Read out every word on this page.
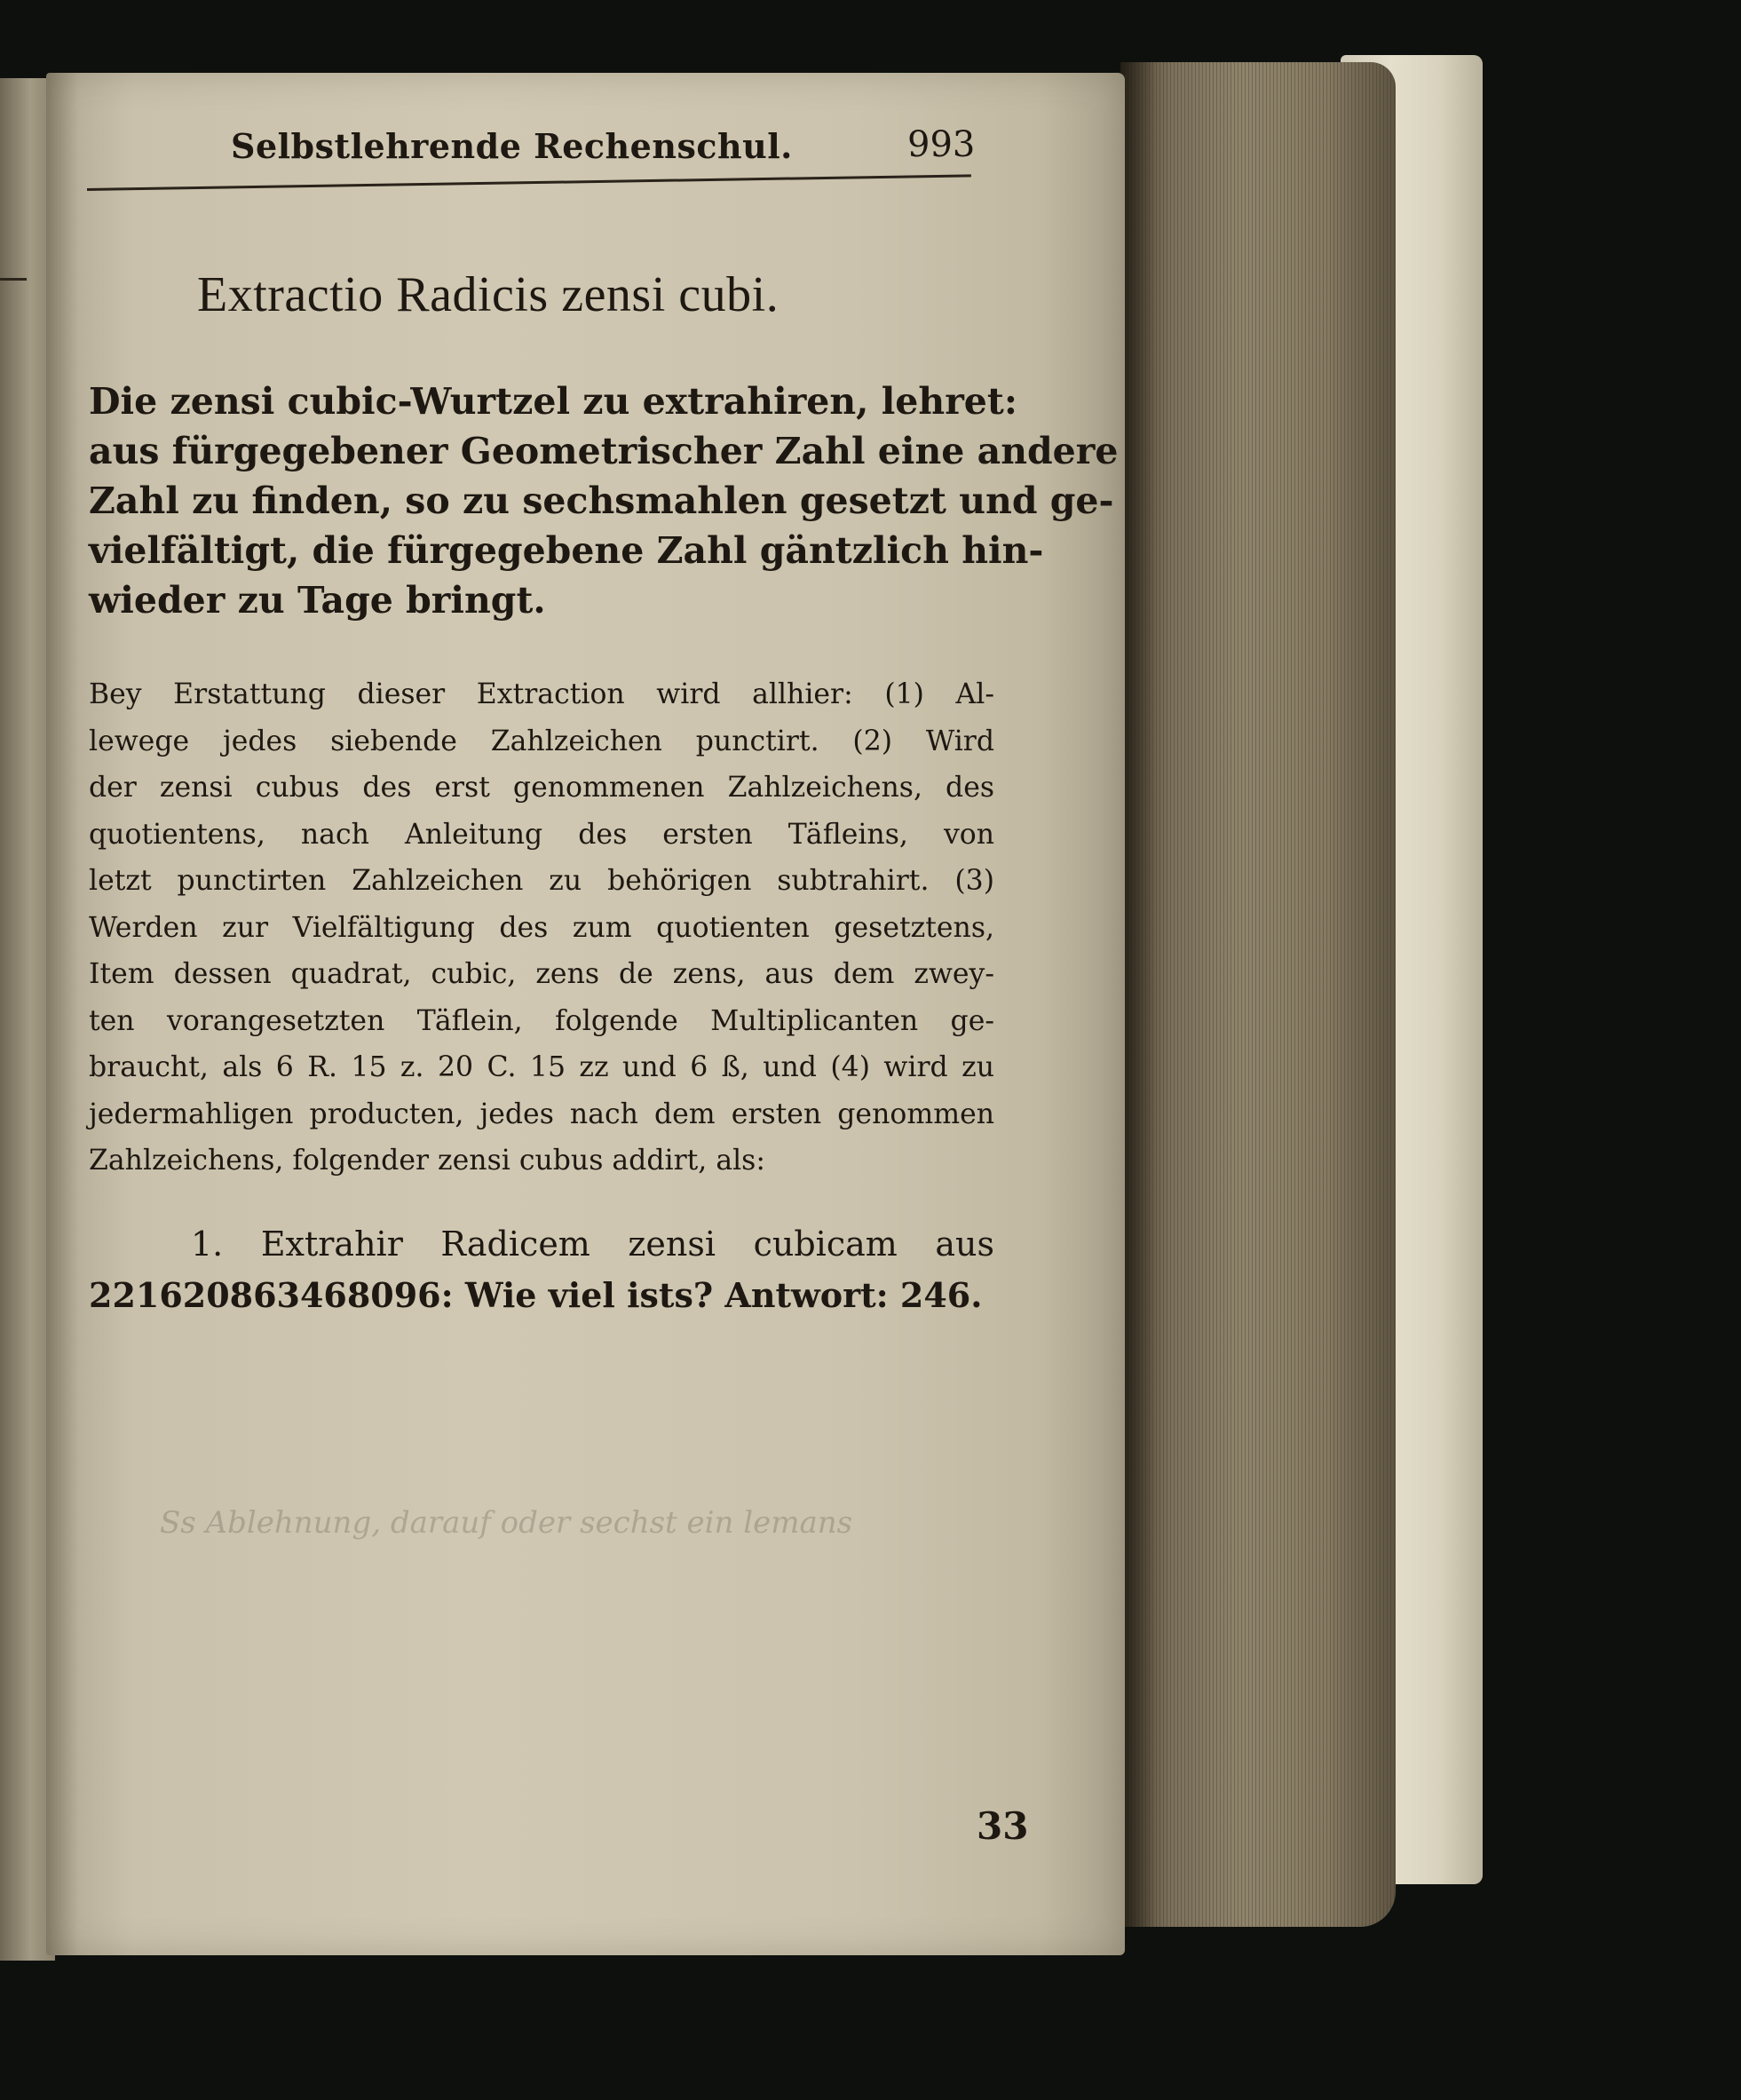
Selbstlehrende Rechenschul.	993
Extractio Radicis zensi cubi.
Die zensi cubic-Wurtzel zu extrahiren, lehret:
aus fürgegebener Geometrischer Zahl eine andere
Zahl zu finden, so zu sechsmahlen gesetzt und ge-
vielfältigt, die fürgegebene Zahl gäntzlich hin-
wieder zu Tage bringt.
Bey Erstattung dieser Extraction wird allhier: (1) Al-
lewege jedes siebende Zahlzeichen punctirt. (2) Wird
der zensi cubus des erst genommenen Zahlzeichens, des
quotientens, nach Anleitung des ersten Täfleins, von
letzt punctirten Zahlzeichen zu behörigen subtrahirt. (3)
Werden zur Vielfältigung des zum quotienten gesetztens,
Item dessen quadrat, cubic, zens de zens, aus dem zwey-
ten vorangesetzten Täflein, folgende Multiplicanten ge-
braucht, als 6 R. 15 z. 20 C. 15 zz und 6 ß, und (4) wird zu
jedermahligen producten, jedes nach dem ersten genommen
Zahlzeichens, folgender zensi cubus addirt, als:
1. Extrahir Radicem zensi cubicam aus
221620863468096: Wie viel ists? Antwort: 246.
Ss Ablehnung, darauf oder sechst ein lemans
33
